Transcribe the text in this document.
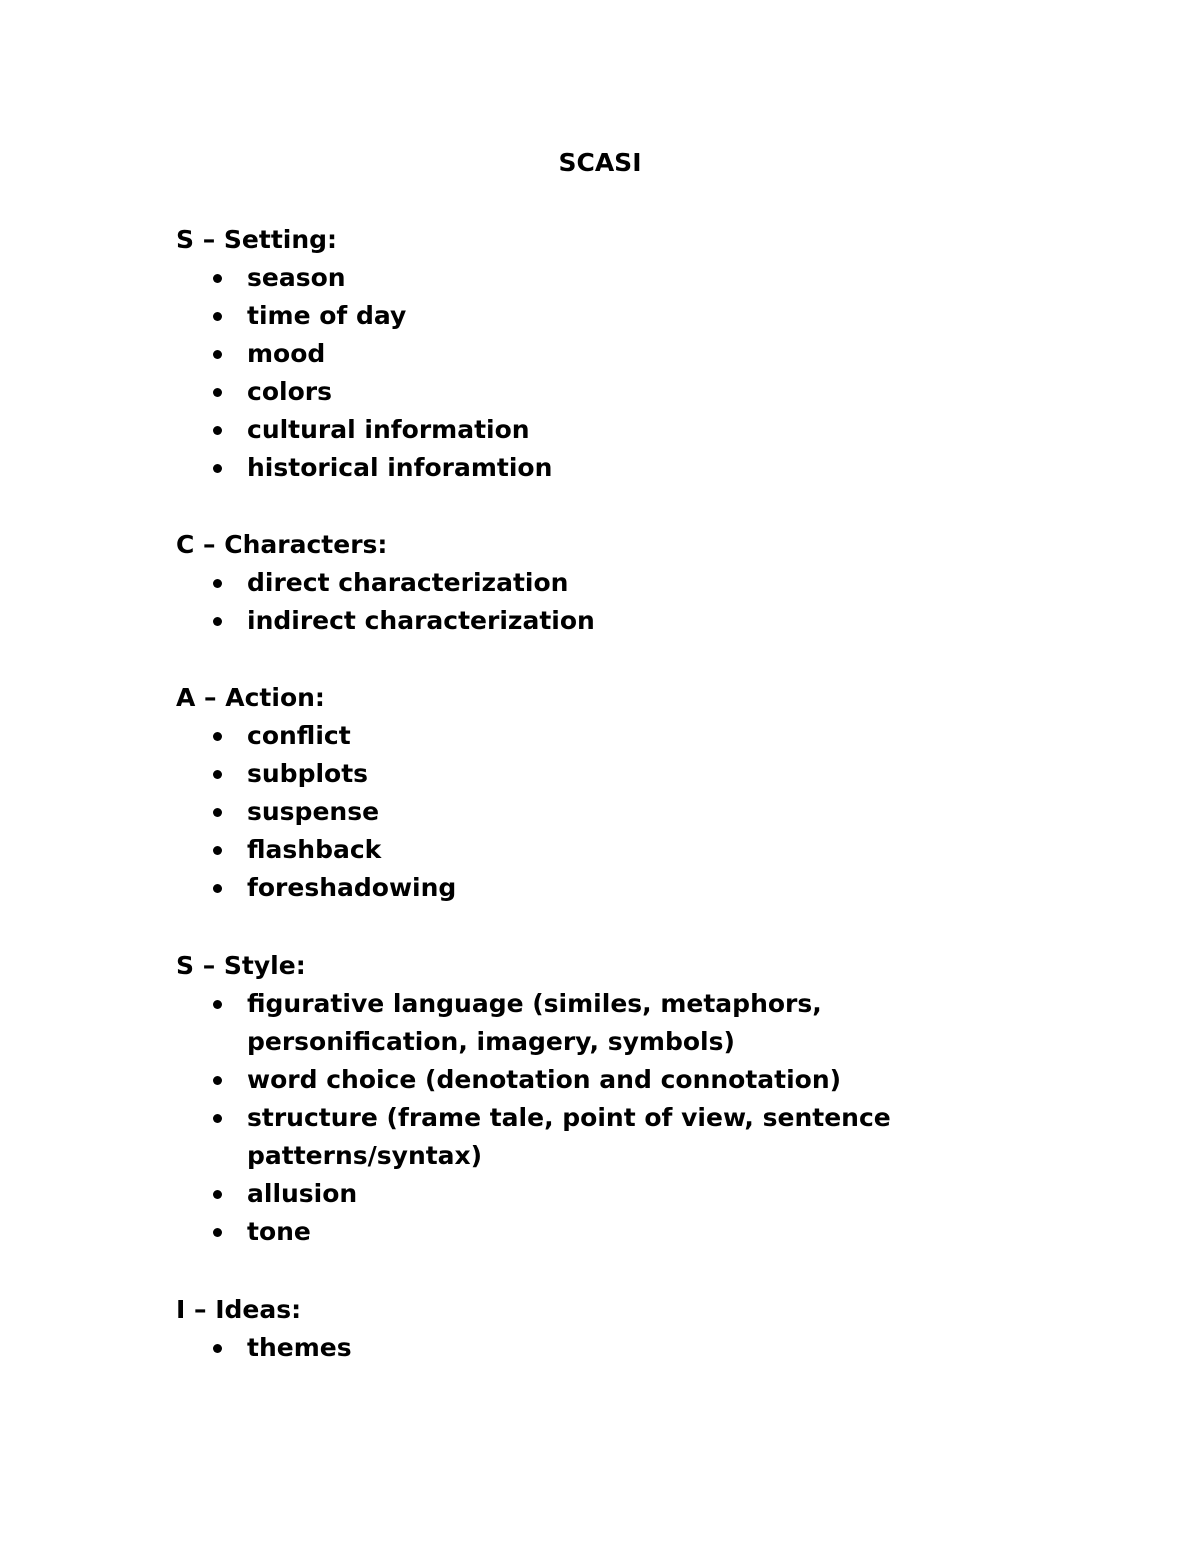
SCASI
S – Setting:
season
time of day
mood
colors
cultural information
historical inforamtion
C – Characters:
direct characterization
indirect characterization
A – Action:
conflict
subplots
suspense
flashback
foreshadowing
S – Style:
figurative language (similes, metaphors, personification, imagery, symbols)
word choice (denotation and connotation)
structure (frame tale, point of view, sentence patterns/syntax)
allusion
tone
I – Ideas:
themes
